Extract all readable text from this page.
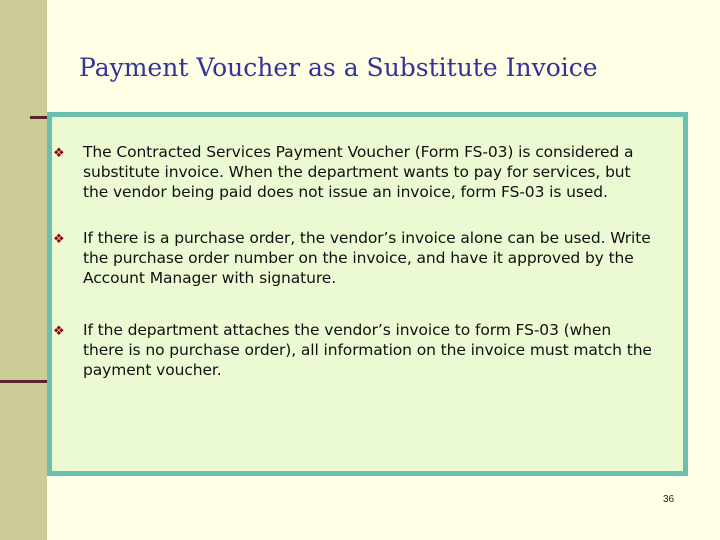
Payment Voucher as a Substitute Invoice
❖ The Contracted Services Payment Voucher (Form FS-03) is considered a substitute invoice. When the department wants to pay for services, but the vendor being paid does not issue an invoice, form FS-03 is used.
❖ If there is a purchase order, the vendor’s invoice alone can be used. Write the purchase order number on the invoice, and have it approved by the Account Manager with signature.
❖ If the department attaches the vendor’s invoice to form FS-03 (when there is no purchase order), all information on the invoice must match the payment voucher.
36
